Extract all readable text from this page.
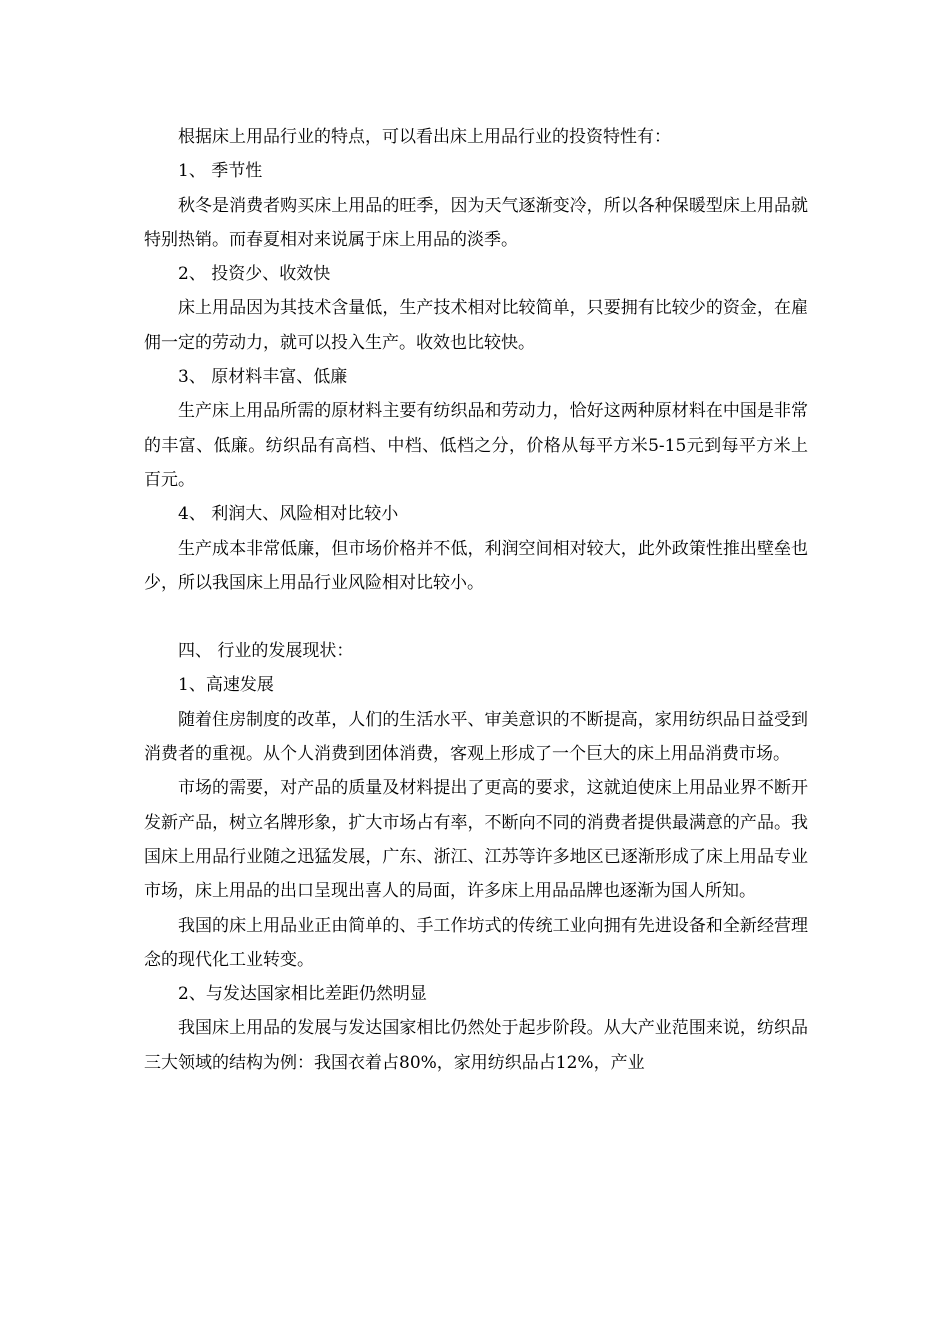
根据床上用品行业的特点，可以看出床上用品行业的投资特性有：

1、 季节性

秋冬是消费者购买床上用品的旺季，因为天气逐渐变冷，所以各种保暖型床上用品就特别热销。而春夏相对来说属于床上用品的淡季。

2、 投资少、收效快

床上用品因为其技术含量低，生产技术相对比较简单，只要拥有比较少的资金，在雇佣一定的劳动力，就可以投入生产。收效也比较快。

3、 原材料丰富、低廉

生产床上用品所需的原材料主要有纺织品和劳动力，恰好这两种原材料在中国是非常的丰富、低廉。纺织品有高档、中档、低档之分，价格从每平方米5-15元到每平方米上百元。

4、 利润大、风险相对比较小

生产成本非常低廉，但市场价格并不低，利润空间相对较大，此外政策性推出壁垒也少，所以我国床上用品行业风险相对比较小。

四、 行业的发展现状：

1、高速发展

随着住房制度的改革，人们的生活水平、审美意识的不断提高，家用纺织品日益受到消费者的重视。从个人消费到团体消费，客观上形成了一个巨大的床上用品消费市场。

市场的需要，对产品的质量及材料提出了更高的要求，这就迫使床上用品业界不断开发新产品，树立名牌形象，扩大市场占有率，不断向不同的消费者提供最满意的产品。我国床上用品行业随之迅猛发展，广东、浙江、江苏等许多地区已逐渐形成了床上用品专业市场，床上用品的出口呈现出喜人的局面，许多床上用品品牌也逐渐为国人所知。

我国的床上用品业正由简单的、手工作坊式的传统工业向拥有先进设备和全新经营理念的现代化工业转变。

2、与发达国家相比差距仍然明显

我国床上用品的发展与发达国家相比仍然处于起步阶段。从大产业范围来说，纺织品三大领域的结构为例：我国衣着占80%，家用纺织品占12%，产业
